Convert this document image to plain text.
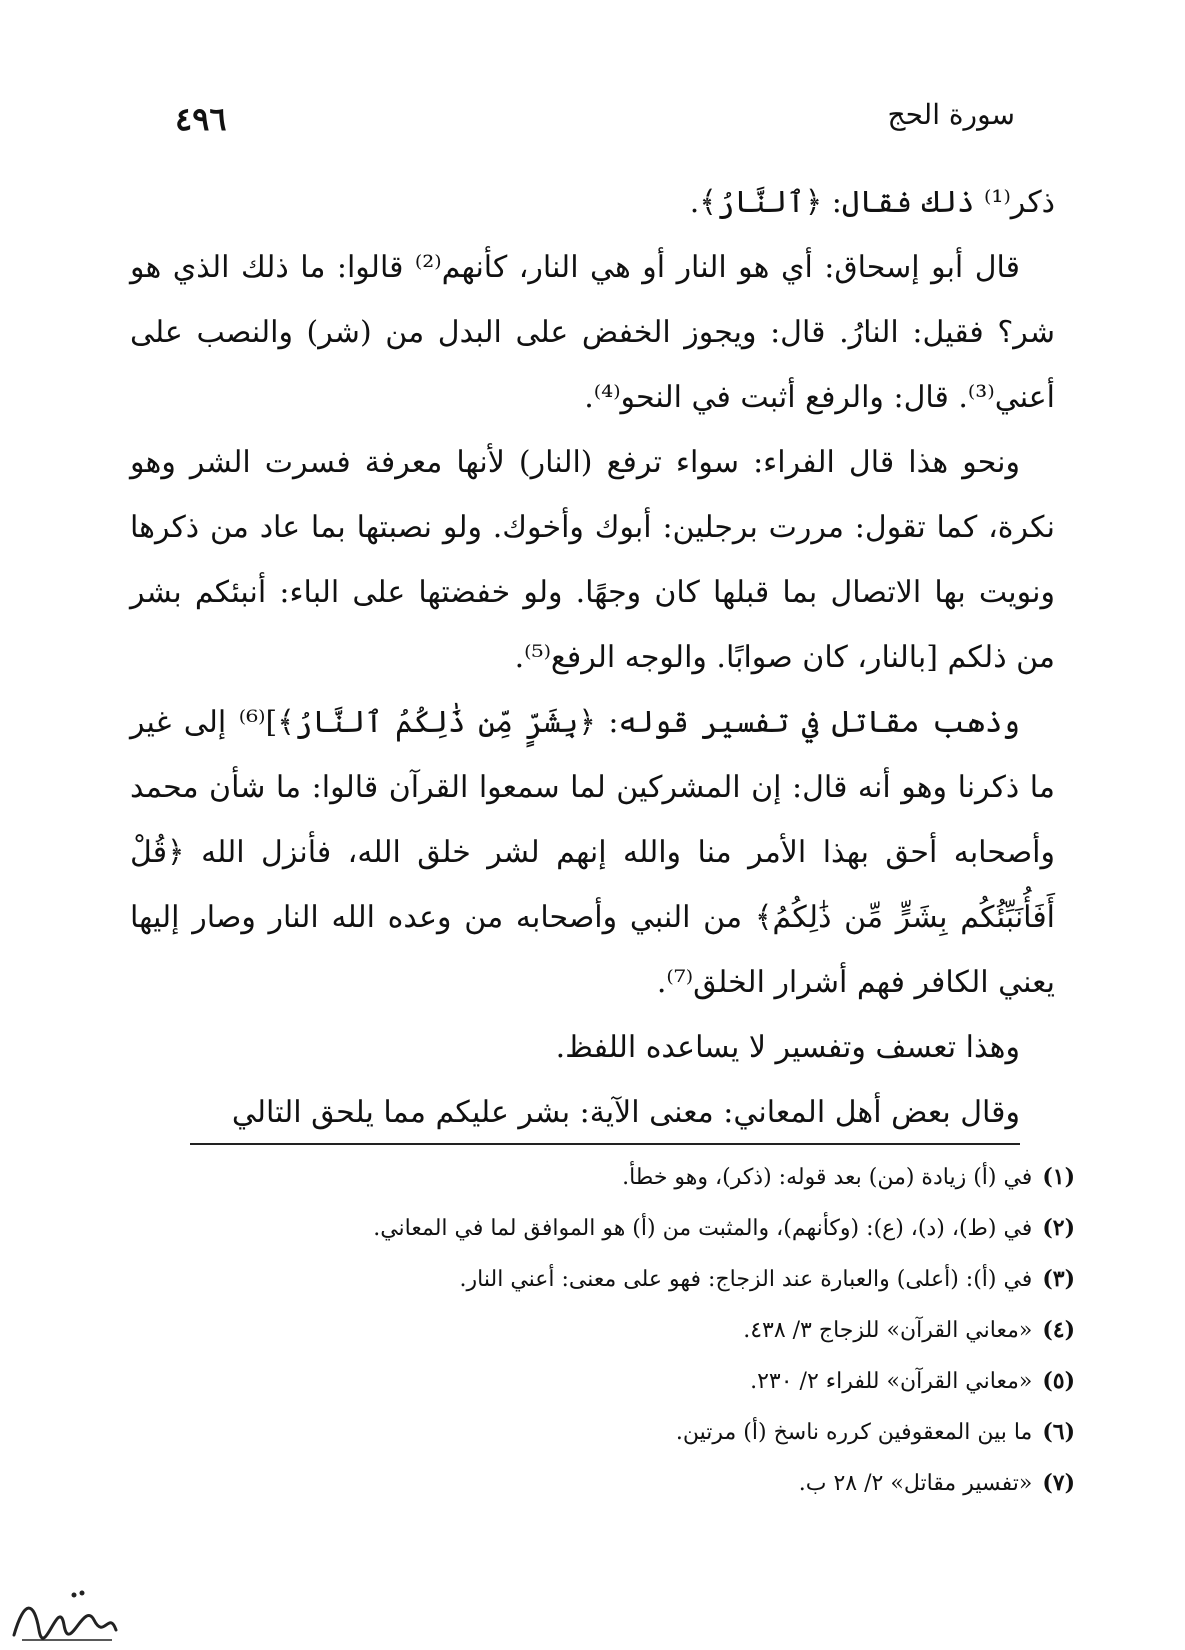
٤٩٦	سورة الحج

ذكر⁽¹⁾ ذلك فقال: ﴿ٱلنَّارُ﴾.

قال أبو إسحاق: أي هو النار أو هي النار، كأنهم⁽²⁾ قالوا: ما ذلك الذي هو شر؟ فقيل: النارُ. قال: ويجوز الخفض على البدل من (شر) والنصب على أعني⁽³⁾. قال: والرفع أثبت في النحو⁽⁴⁾.

ونحو هذا قال الفراء: سواء ترفع (النار) لأنها معرفة فسرت الشر وهو نكرة، كما تقول: مررت برجلين: أبوك وأخوك. ولو نصبتها بما عاد من ذكرها ونويت بها الاتصال بما قبلها كان وجهًا. ولو خفضتها على الباء: أنبئكم بشر من ذلكم [بالنار، كان صوابًا. والوجه الرفع⁽⁵⁾.

وذهب مقاتل في تفسير قوله: ﴿بِشَرٍّ مِّن ذَٰلِكُمُ ٱلنَّارُ﴾]⁽⁶⁾ إلى غير ما ذكرنا وهو أنه قال: إن المشركين لما سمعوا القرآن قالوا: ما شأن محمد وأصحابه أحق بهذا الأمر منا والله إنهم لشر خلق الله، فأنزل الله ﴿قُلْ أَفَأُنَبِّئُكُم بِشَرٍّ مِّن ذَٰلِكُمُ﴾ من النبي وأصحابه من وعده الله النار وصار إليها يعني الكافر فهم أشرار الخلق⁽⁷⁾.

وهذا تعسف وتفسير لا يساعده اللفظ.

وقال بعض أهل المعاني: معنى الآية: بشر عليكم مما يلحق التالي

(١)في (أ) زيادة (من) بعد قوله: (ذكر)، وهو خطأ.

(٢)في (ط)، (د)، (ع): (وكأنهم)، والمثبت من (أ) هو الموافق لما في المعاني.

(٣)في (أ): (أعلى) والعبارة عند الزجاج: فهو على معنى: أعني النار.

(٤)«معاني القرآن» للزجاج ٣/ ٤٣٨.

(٥)«معاني القرآن» للفراء ٢/ ٢٣٠.

(٦)ما بين المعقوفين كرره ناسخ (أ) مرتين.

(٧)«تفسير مقاتل» ٢/ ٢٨ ب.
